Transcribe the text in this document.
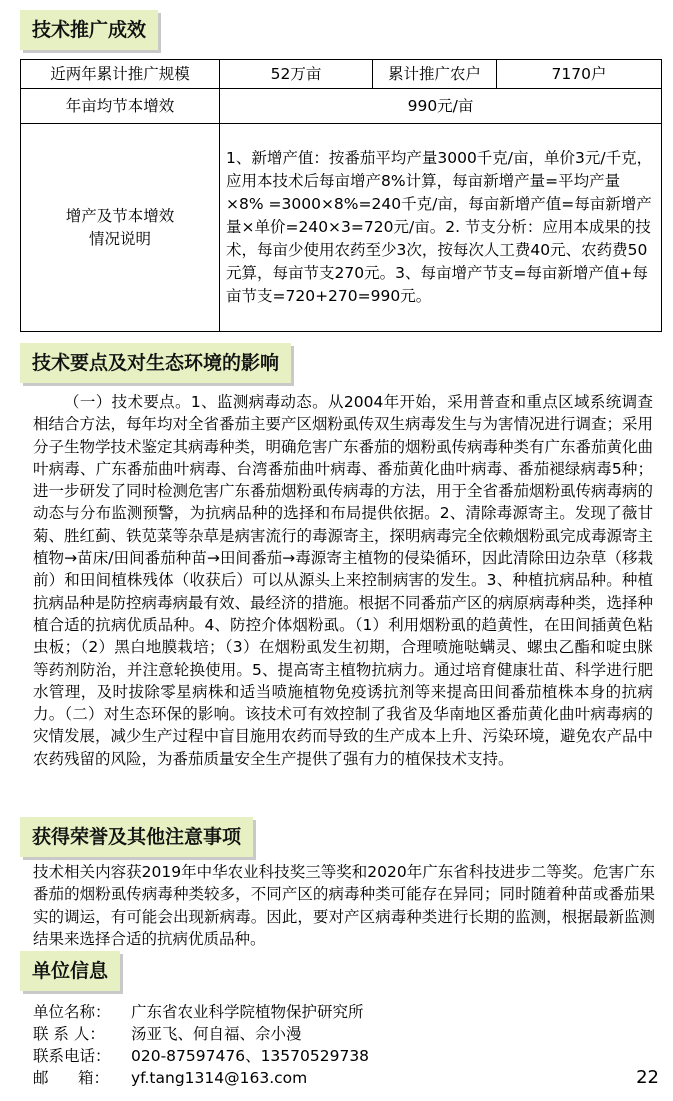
技术推广成效
近两年累计推广规模	52万亩	累计推广农户	7170户
年亩均节本增效	990元/亩		

增产及节本增效
情况说明	1、新增产值：按番茄平均产量3000千克/亩，单价3元/千克，应用本技术后每亩增产8%计算，每亩新增产量=平均产量×8% =3000×8%=240千克/亩，每亩新增产值=每亩新增产量×单价=240×3=720元/亩。2. 节支分析：应用本成果的技术，每亩少使用农药至少3次，按每次人工费40元、农药费50元算，每亩节支270元。3、每亩增产节支=每亩新增产值+每亩节支=720+270=990元。		
技术要点及对生态环境的影响
（一）技术要点。1、监测病毒动态。从2004年开始，采用普查和重点区域系统调查相结合方法，每年均对全省番茄主要产区烟粉虱传双生病毒发生与为害情况进行调查；采用分子生物学技术鉴定其病毒种类，明确危害广东番茄的烟粉虱传病毒种类有广东番茄黄化曲叶病毒、广东番茄曲叶病毒、台湾番茄曲叶病毒、番茄黄化曲叶病毒、番茄褪绿病毒5种；进一步研发了同时检测危害广东番茄烟粉虱传病毒的方法，用于全省番茄烟粉虱传病毒病的动态与分布监测预警，为抗病品种的选择和布局提供依据。2、清除毒源寄主。发现了薇甘菊、胜红蓟、铁苋菜等杂草是病害流行的毒源寄主，探明病毒完全依赖烟粉虱完成毒源寄主植物→苗床/田间番茄种苗→田间番茄→毒源寄主植物的侵染循环，因此清除田边杂草（移栽前）和田间植株残体（收获后）可以从源头上来控制病害的发生。3、种植抗病品种。种植抗病品种是防控病毒病最有效、最经济的措施。根据不同番茄产区的病原病毒种类，选择种植合适的抗病优质品种。4、防控介体烟粉虱。（1）利用烟粉虱的趋黄性，在田间插黄色粘虫板；（2）黑白地膜栽培；（3）在烟粉虱发生初期，合理喷施哒螨灵、螺虫乙酯和啶虫脒等药剂防治，并注意轮换使用。5、提高寄主植物抗病力。通过培育健康壮苗、科学进行肥水管理，及时拔除零星病株和适当喷施植物免疫诱抗剂等来提高田间番茄植株本身的抗病力。（二）对生态环保的影响。该技术可有效控制了我省及华南地区番茄黄化曲叶病毒病的灾情发展，减少生产过程中盲目施用农药而导致的生产成本上升、污染环境，避免农产品中农药残留的风险，为番茄质量安全生产提供了强有力的植保技术支持。
获得荣誉及其他注意事项
技术相关内容获2019年中华农业科技奖三等奖和2020年广东省科技进步二等奖。危害广东番茄的烟粉虱传病毒种类较多，不同产区的病毒种类可能存在异同；同时随着种苗或番茄果实的调运，有可能会出现新病毒。因此，要对产区病毒种类进行长期的监测，根据最新监测结果来选择合适的抗病优质品种。
单位信息
单位名称：	广东省农业科学院植物保护研究所
联 系 人：	汤亚飞、何自福、佘小漫
联系电话：	020-87597476、13570529738
邮      箱：	yf.tang1314@163.com	22
